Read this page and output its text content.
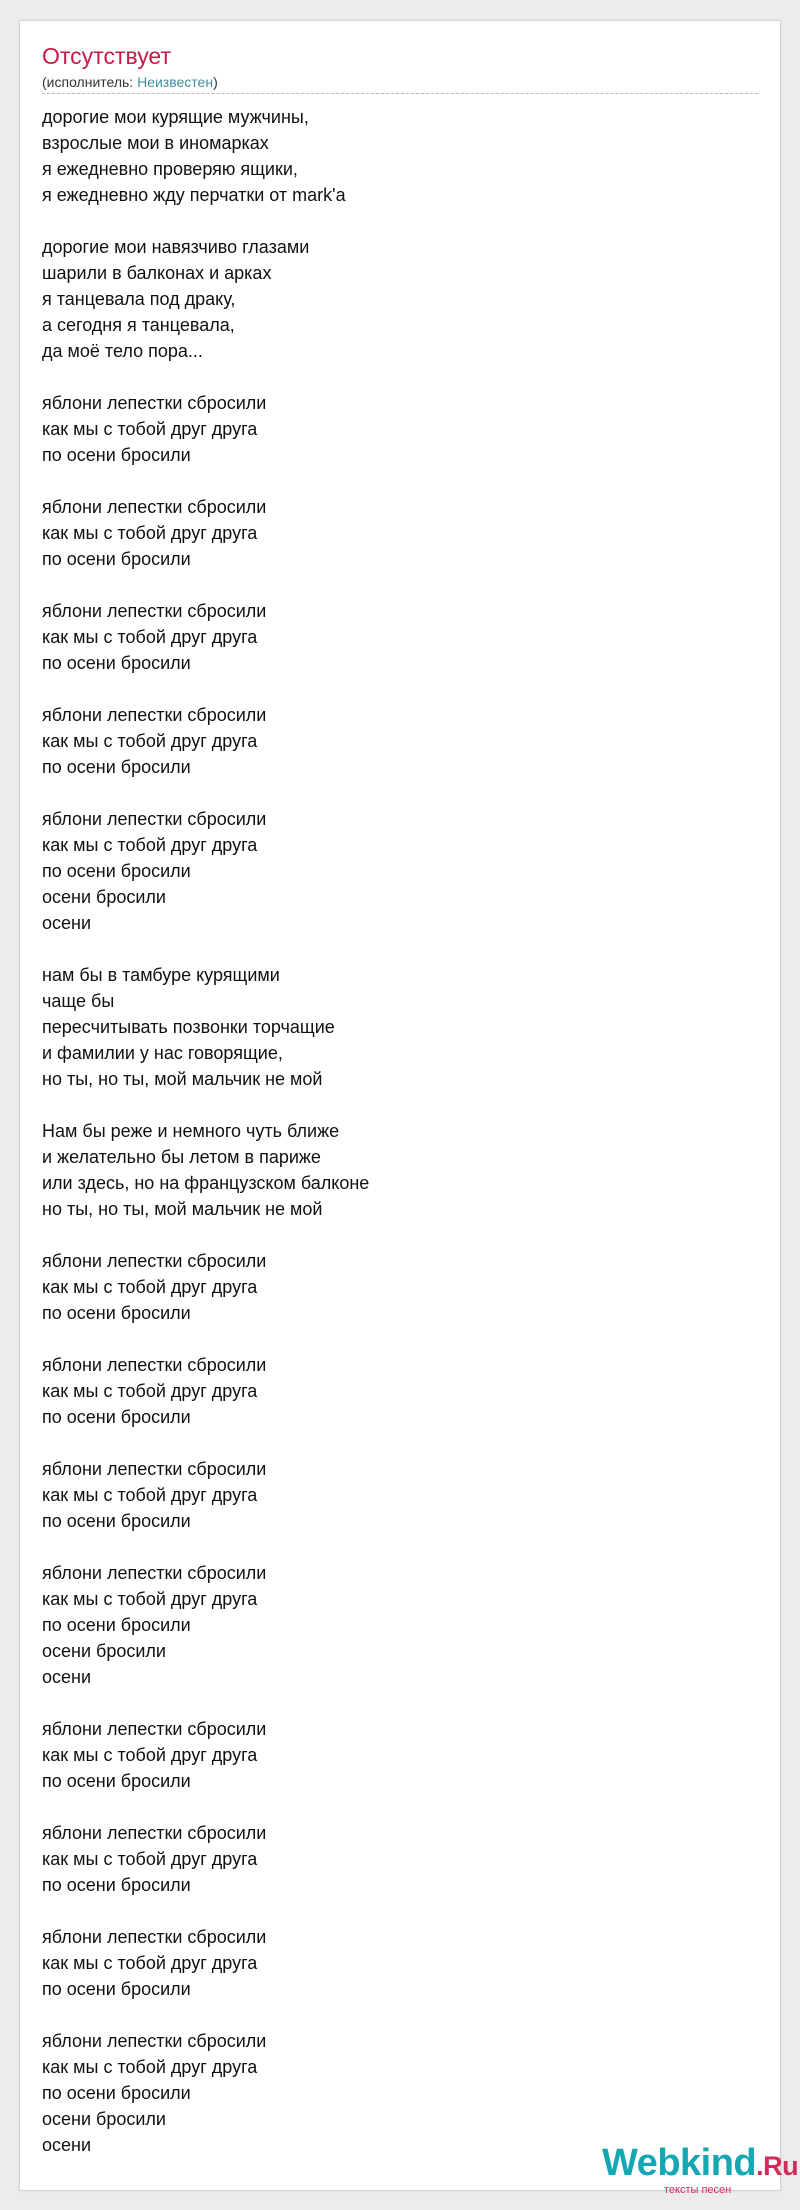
Отсутствует
(исполнитель: Неизвестен)
дорогие мои курящие мужчины,
взрослые мои в иномарках
я ежедневно проверяю ящики,
я ежедневно жду перчатки от mark'a
дорогие мои навязчиво глазами
шарили в балконах и арках
я танцевала под драку,
а сегодня я танцевала,
да моё тело пора...
яблони лепестки сбросили
как мы с тобой друг друга
по осени бросили
яблони лепестки сбросили
как мы с тобой друг друга
по осени бросили
яблони лепестки сбросили
как мы с тобой друг друга
по осени бросили
яблони лепестки сбросили
как мы с тобой друг друга
по осени бросили
яблони лепестки сбросили
как мы с тобой друг друга
по осени бросили
осени бросили
осени
нам бы в тамбуре курящими
чаще бы
пересчитывать позвонки торчащие
и фамилии у нас говорящие,
но ты, но ты, мой мальчик не мой
Нам бы реже и немного чуть ближе
и желательно бы летом в париже
или здесь, но на французском балконе
но ты, но ты, мой мальчик не мой
яблони лепестки сбросили
как мы с тобой друг друга
по осени бросили
яблони лепестки сбросили
как мы с тобой друг друга
по осени бросили
яблони лепестки сбросили
как мы с тобой друг друга
по осени бросили
яблони лепестки сбросили
как мы с тобой друг друга
по осени бросили
осени бросили
осени
яблони лепестки сбросили
как мы с тобой друг друга
по осени бросили
яблони лепестки сбросили
как мы с тобой друг друга
по осени бросили
яблони лепестки сбросили
как мы с тобой друг друга
по осени бросили
яблони лепестки сбросили
как мы с тобой друг друга
по осени бросили
осени бросили
осени	Webkind.Ru
тексты песен
